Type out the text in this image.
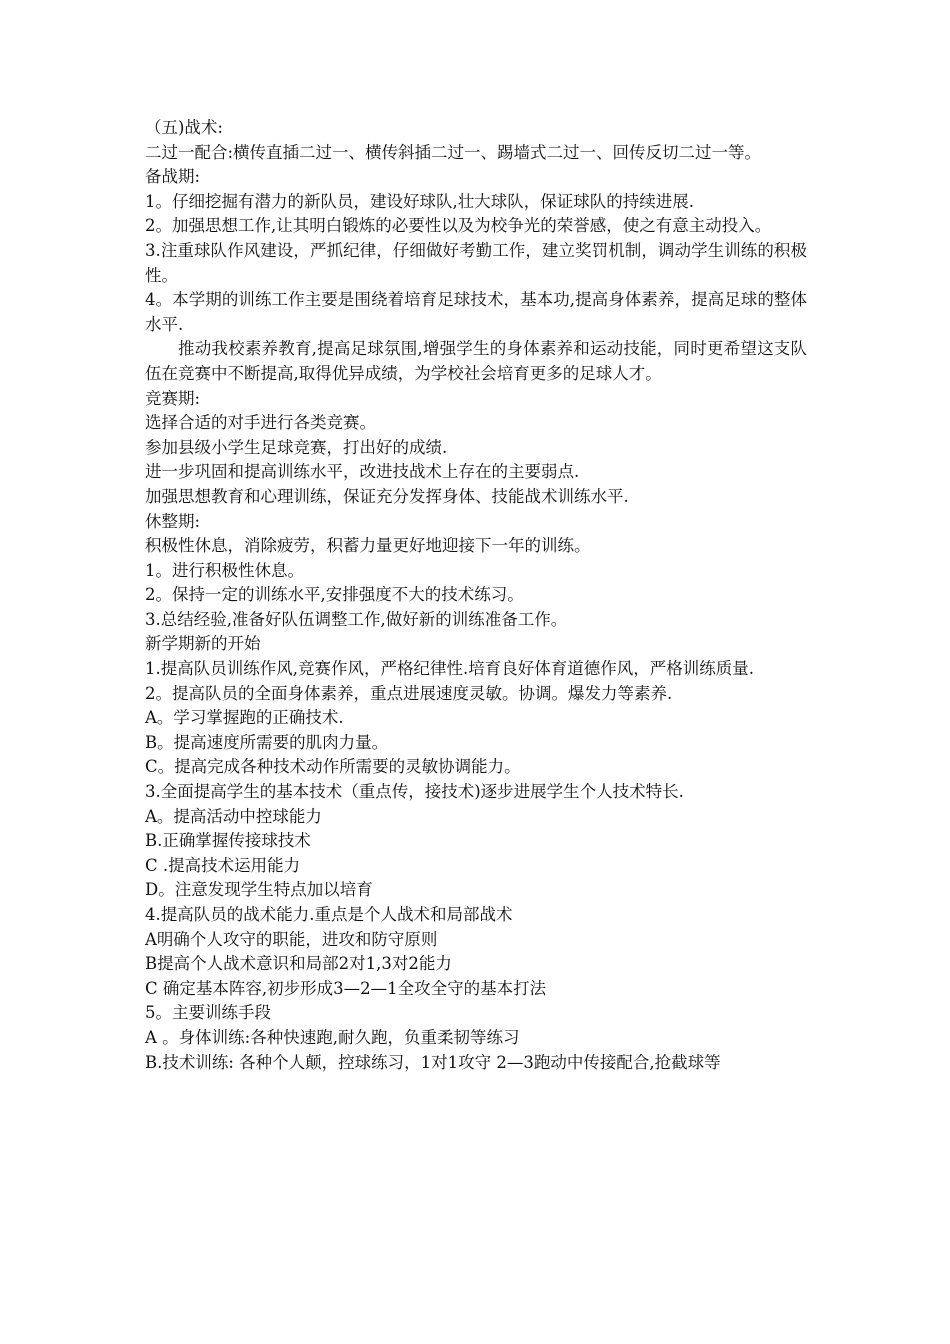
（五)战术:

二过一配合:横传直插二过一、横传斜插二过一、踢墙式二过一、回传反切二过一等。

备战期:

1。仔细挖掘有潜力的新队员，建设好球队,壮大球队，保证球队的持续进展.

2。加强思想工作,让其明白锻炼的必要性以及为校争光的荣誉感，使之有意主动投入。

3.注重球队作风建设，严抓纪律，仔细做好考勤工作，建立奖罚机制，调动学生训练的积极性。

4。本学期的训练工作主要是围绕着培育足球技术，基本功,提高身体素养，提高足球的整体水平.

推动我校素养教育,提高足球氛围,增强学生的身体素养和运动技能，同时更希望这支队伍在竞赛中不断提高,取得优异成绩，为学校社会培育更多的足球人才。

竞赛期:

选择合适的对手进行各类竞赛。

参加县级小学生足球竞赛，打出好的成绩.

进一步巩固和提高训练水平，改进技战术上存在的主要弱点.

加强思想教育和心理训练，保证充分发挥身体、技能战术训练水平.

休整期:

积极性休息，消除疲劳，积蓄力量更好地迎接下一年的训练。

1。进行积极性休息。

2。保持一定的训练水平,安排强度不大的技术练习。

3.总结经验,准备好队伍调整工作,做好新的训练准备工作。

新学期新的开始

1.提高队员训练作风,竞赛作风，严格纪律性.培育良好体育道德作风，严格训练质量.

2。提高队员的全面身体素养，重点进展速度灵敏。协调。爆发力等素养.

A。学习掌握跑的正确技术.

B。提高速度所需要的肌肉力量。

C。提高完成各种技术动作所需要的灵敏协调能力。

3.全面提高学生的基本技术（重点传，接技术)逐步进展学生个人技术特长.

A。提高活动中控球能力

B.正确掌握传接球技术

C .提高技术运用能力

D。注意发现学生特点加以培育

4.提高队员的战术能力.重点是个人战术和局部战术

A明确个人攻守的职能，进攻和防守原则

B提高个人战术意识和局部2对1,3对2能力

C 确定基本阵容,初步形成3—2—1全攻全守的基本打法

5。主要训练手段

A 。身体训练:各种快速跑,耐久跑，负重柔韧等练习

B.技术训练: 各种个人颠，控球练习，1对1攻守 2—3跑动中传接配合,抢截球等
